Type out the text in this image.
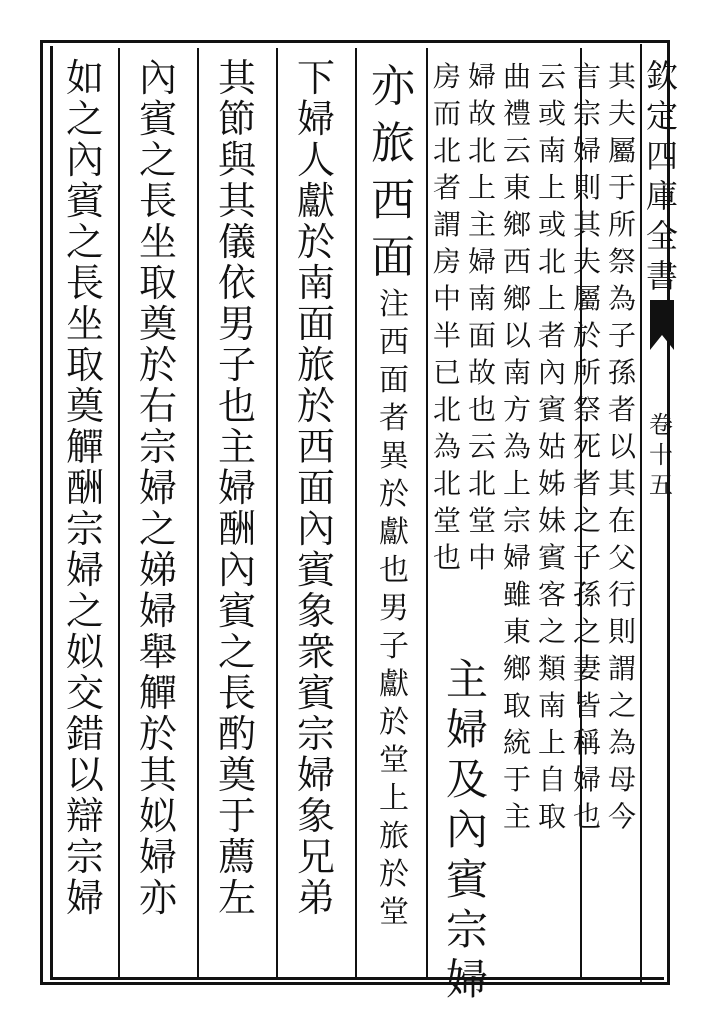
欽定四庫全書
卷十五
其夫屬于所祭為子孫者以其在父行則謂之為母今
言宗婦則其夫屬於所祭死者之子孫之妻皆稱婦也
云或南上或北上者內賓姑姊妹賓客之類南上自取
曲禮云東鄉西鄉以南方為上宗婦雖東鄉取統于主
婦故北上主婦南面故也云北堂中
房而北者謂房中半已北為北堂也
主婦及內賓宗婦
亦旅西面
注西面者異於獻也男子獻於堂上旅於堂
下婦人獻於南面旅於西面內賓象衆賓宗婦象兄弟
其節與其儀依男子也主婦酬內賓之長酌奠于薦左
內賓之長坐取奠於右宗婦之娣婦舉觶於其姒婦亦
如之內賓之長坐取奠觶酬宗婦之姒交錯以辯宗婦
